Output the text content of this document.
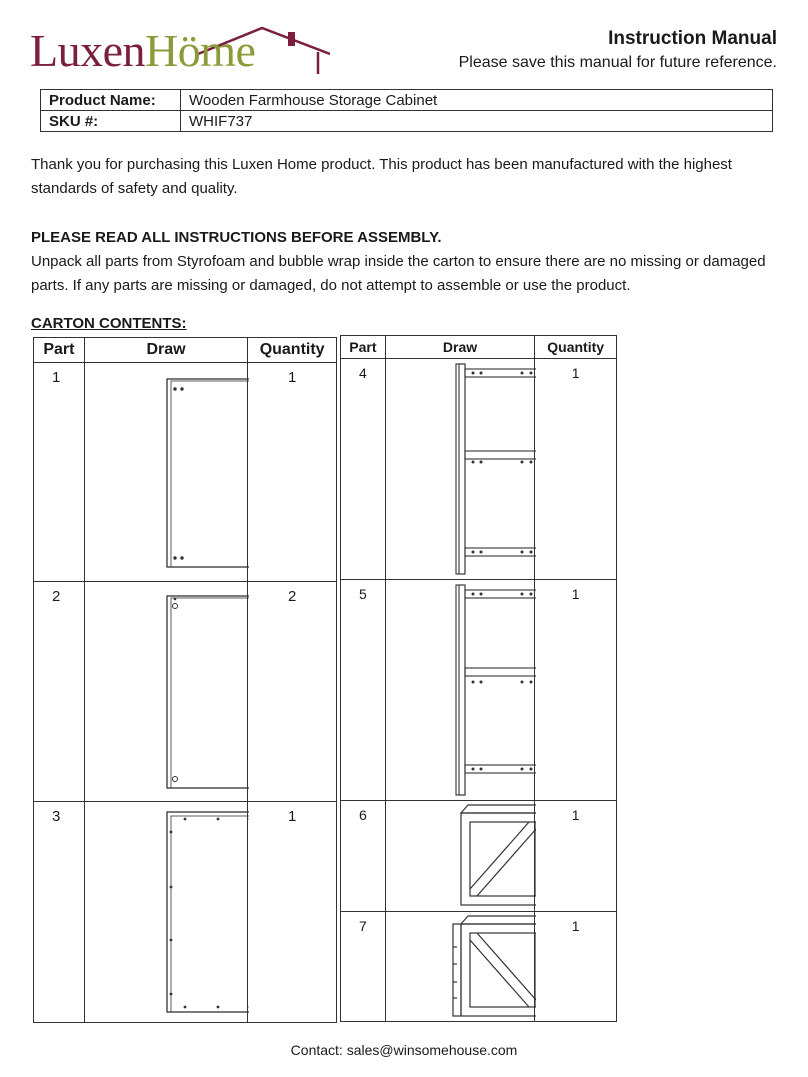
LuxenHöme	Instruction Manual
Please save this manual for future reference.
Product Name:	Wooden Farmhouse Storage Cabinet
SKU #:	WHIF737
Thank you for purchasing this Luxen Home product. This product has been manufactured with the highest standards of safety and quality.
PLEASE READ ALL INSTRUCTIONS BEFORE ASSEMBLY.
Unpack all parts from Styrofoam and bubble wrap inside the carton to ensure there are no missing or damaged parts. If any parts are missing or damaged, do not attempt to assemble or use the product.
CARTON CONTENTS:
Part	Draw	Quantity
1		1
2		2
3		1
Part	Draw	Quantity
4		1
5		1
6		1
7		1
Contact: sales@winsomehouse.com
